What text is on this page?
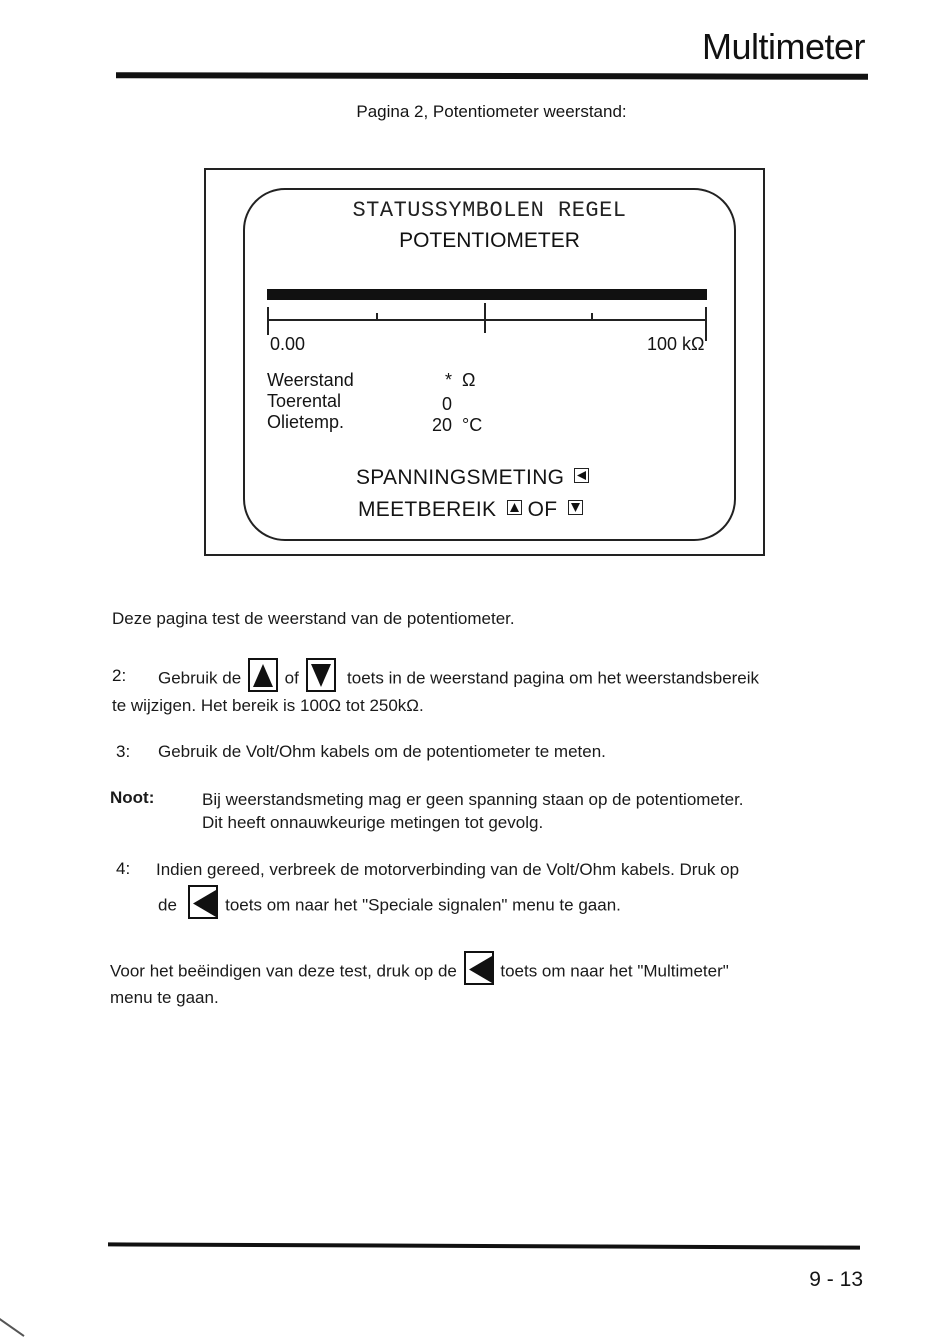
Multimeter
Pagina 2, Potentiometer weerstand:
STATUSSYMBOLEN REGEL
POTENTIOMETER
0.00	100 kΩ
Weerstand	* Ω
Toerental	0
Olietemp.	20 °C
SPANNINGSMETING
MEETBEREIK OF
Deze pagina test de weerstand van de potentiometer.
2: Gebruik de	of	toets in de weerstand pagina om het weerstandsbereik
te wijzigen. Het bereik is 100Ω tot 250kΩ.
3: Gebruik de Volt/Ohm kabels om de potentiometer te meten.
Noot:	Bij weerstandsmeting mag er geen spanning staan op de potentiometer.
Dit heeft onnauwkeurige metingen tot gevolg.
4: Indien gereed, verbreek de motorverbinding van de Volt/Ohm kabels. Druk op
de	toets om naar het "Speciale signalen" menu te gaan.
Voor het beëindigen van deze test, druk op de	toets om naar het "Multimeter"
menu te gaan.
9 - 13
